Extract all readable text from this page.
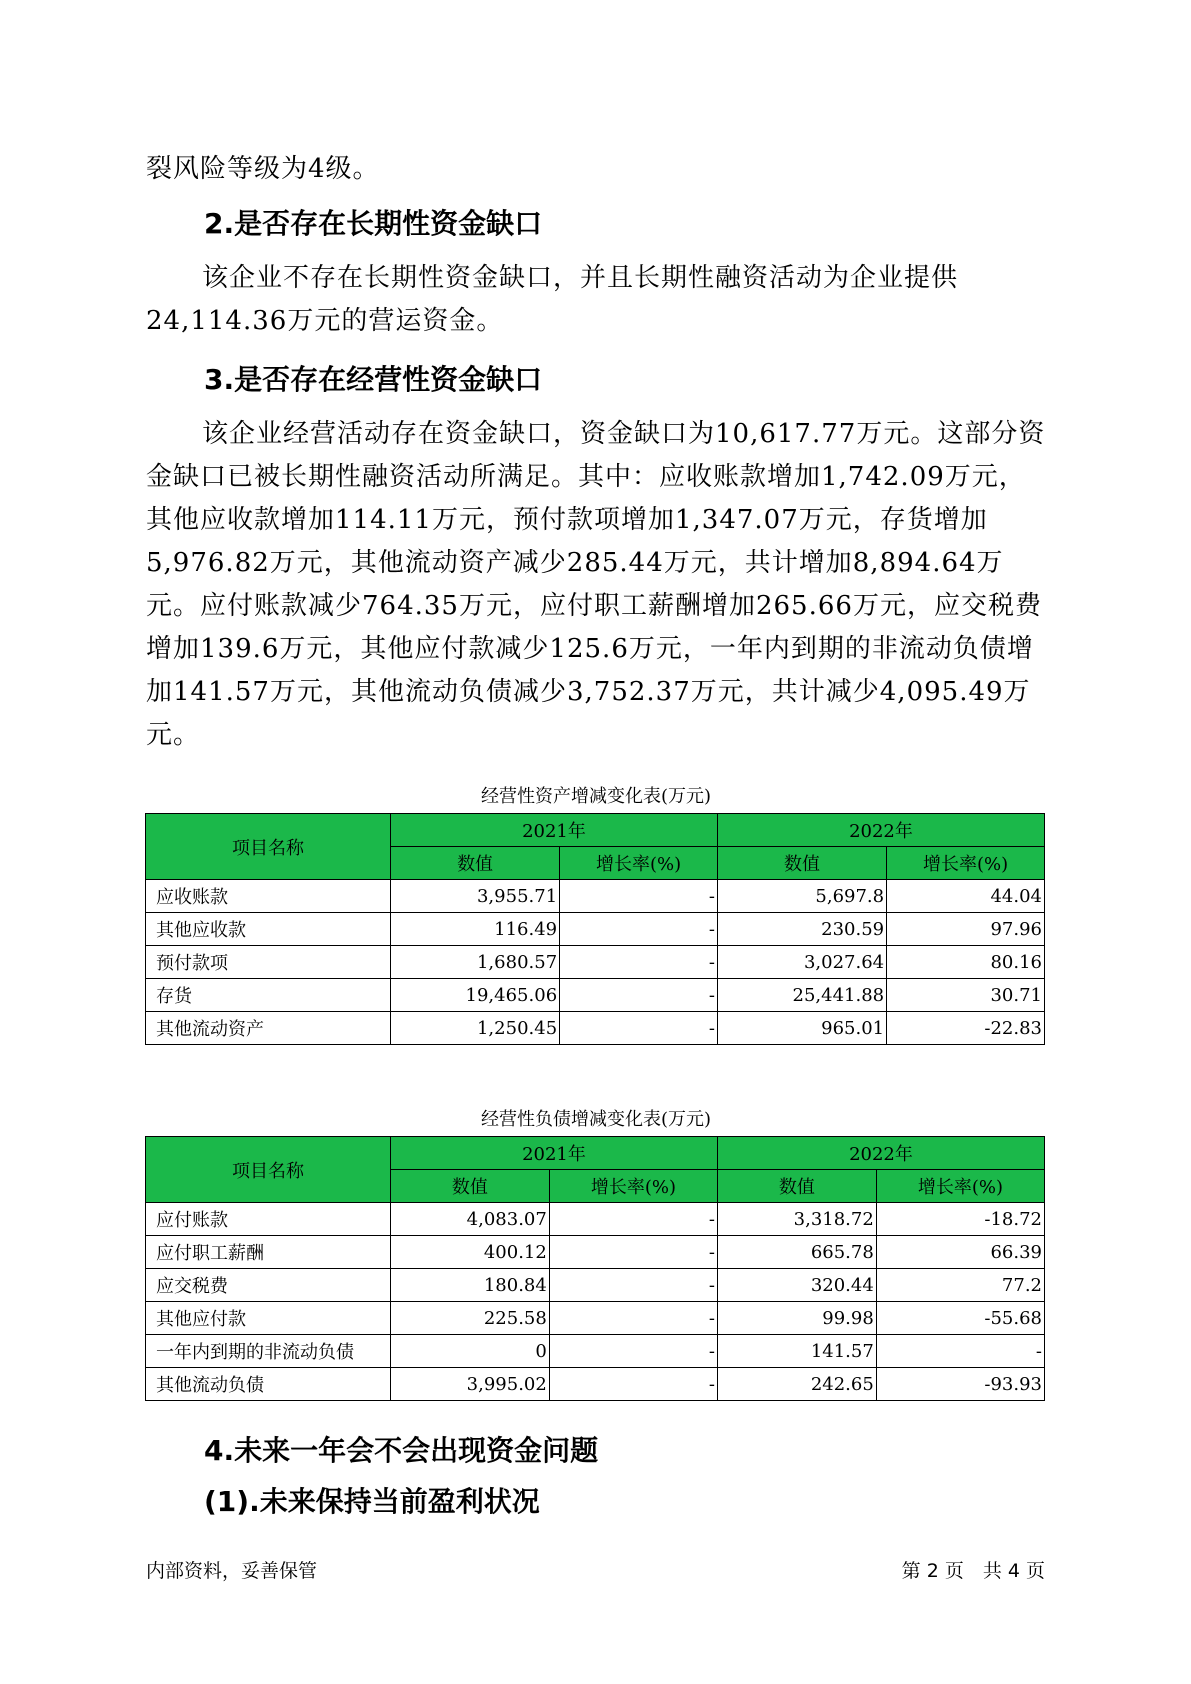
裂风险等级为4级。

2.是否存在长期性资金缺口

该企业不存在长期性资金缺口，并且长期性融资活动为企业提供24,114.36万元的营运资金。

3.是否存在经营性资金缺口

该企业经营活动存在资金缺口，资金缺口为10,617.77万元。这部分资金缺口已被长期性融资活动所满足。其中：应收账款增加1,742.09万元，其他应收款增加114.11万元，预付款项增加1,347.07万元，存货增加5,976.82万元，其他流动资产减少285.44万元，共计增加8,894.64万元。应付账款减少764.35万元，应付职工薪酬增加265.66万元，应交税费增加139.6万元，其他应付款减少125.6万元，一年内到期的非流动负债增加141.57万元，其他流动负债减少3,752.37万元，共计减少4,095.49万元。

经营性资产增减变化表(万元)
项目名称	2021年		2022年	
	数值	增长率(%)	数值	增长率(%)
应收账款	3,955.71	-	5,697.8	44.04
其他应收款	116.49	-	230.59	97.96
预付款项	1,680.57	-	3,027.64	80.16
存货	19,465.06	-	25,441.88	30.71
其他流动资产	1,250.45	-	965.01	-22.83
经营性负债增减变化表(万元)
项目名称	2021年		2022年	
	数值	增长率(%)	数值	增长率(%)
应付账款	4,083.07	-	3,318.72	-18.72
应付职工薪酬	400.12	-	665.78	66.39
应交税费	180.84	-	320.44	77.2
其他应付款	225.58	-	99.98	-55.68
一年内到期的非流动负债	0	-	141.57	-
其他流动负债	3,995.02	-	242.65	-93.93
4.未来一年会不会出现资金问题
(1).未来保持当前盈利状况
内部资料，妥善保管	第 2 页　共 4 页
